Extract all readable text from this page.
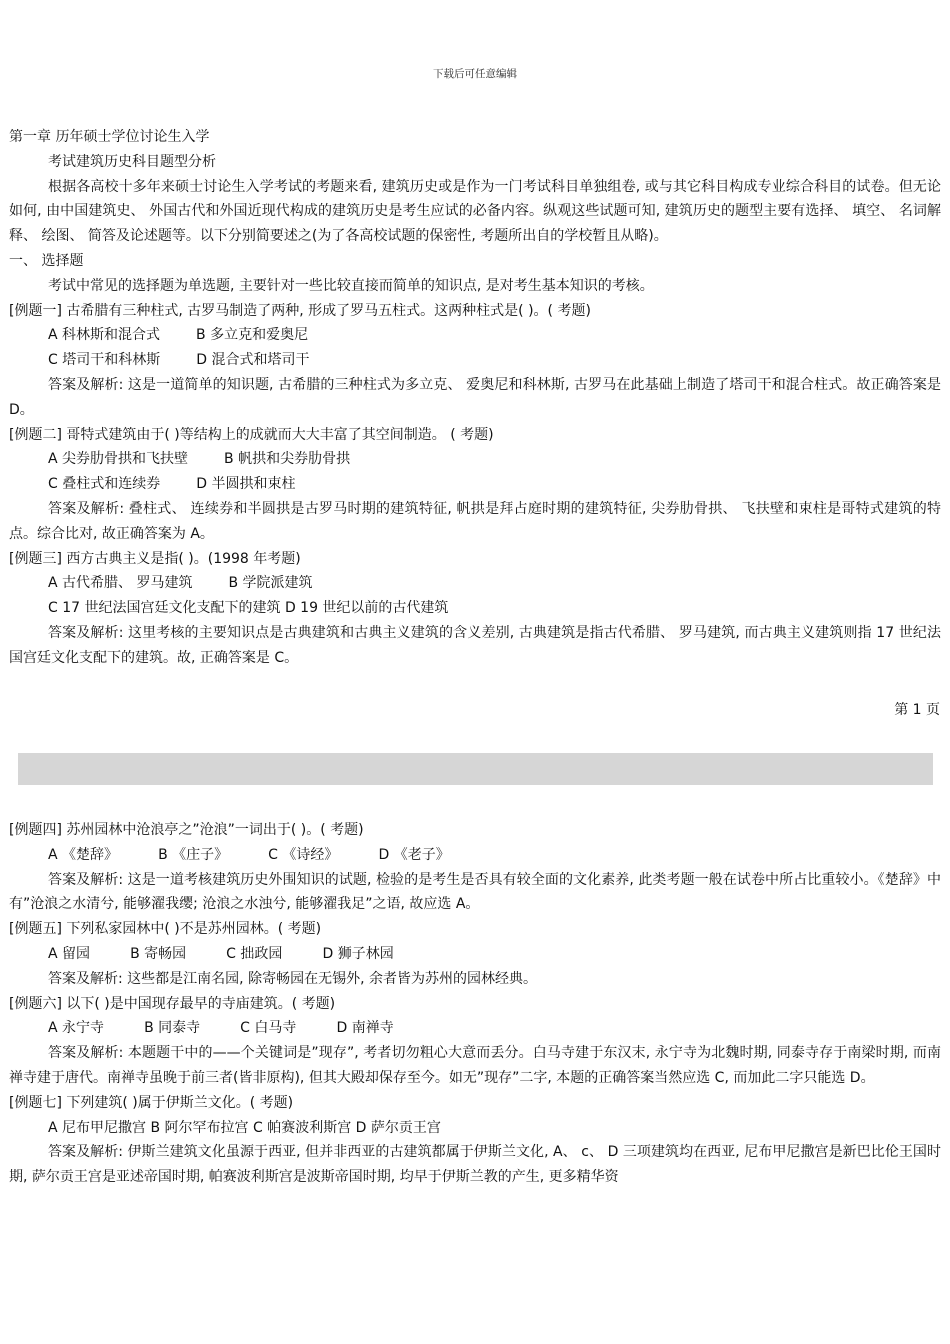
下载后可任意编辑
第一章 历年硕士学位讨论生入学
考试建筑历史科目题型分析
根据各高校十多年来硕士讨论生入学考试的考题来看, 建筑历史或是作为一门考试科目单独组卷, 或与其它科目构成专业综合科目的试卷。但无论如何, 由中国建筑史、 外国古代和外国近现代构成的建筑历史是考生应试的必备内容。纵观这些试题可知, 建筑历史的题型主要有选择、 填空、 名词解释、 绘图、 简答及论述题等。以下分别简要述之(为了各高校试题的保密性, 考题所出自的学校暂且从略)。
一、 选择题
考试中常见的选择题为单选题, 主要针对一些比较直接而简单的知识点, 是对考生基本知识的考核。
[例题一] 古希腊有三种柱式, 古罗马制造了两种, 形成了罗马五柱式。这两种柱式是( )。( 考题)
A 科林斯和混合式	B 多立克和爱奥尼
C 塔司干和科林斯	D 混合式和塔司干
答案及解析: 这是一道简单的知识题, 古希腊的三种柱式为多立克、 爱奥尼和科林斯, 古罗马在此基础上制造了塔司干和混合柱式。故正确答案是 D。
[例题二] 哥特式建筑由于( )等结构上的成就而大大丰富了其空间制造。 ( 考题)
A 尖券肋骨拱和飞扶壁	B 帆拱和尖券肋骨拱
C 叠柱式和连续券	D 半圆拱和束柱
答案及解析: 叠柱式、 连续券和半圆拱是古罗马时期的建筑特征, 帆拱是拜占庭时期的建筑特征, 尖券肋骨拱、 飞扶壁和束柱是哥特式建筑的特点。综合比对, 故正确答案为 A。
[例题三] 西方古典主义是指( )。(1998 年考题)
A 古代希腊、 罗马建筑	B 学院派建筑
C 17 世纪法国宫廷文化支配下的建筑 D 19 世纪以前的古代建筑
答案及解析: 这里考核的主要知识点是古典建筑和古典主义建筑的含义差别, 古典建筑是指古代希腊、 罗马建筑, 而古典主义建筑则指 17 世纪法国宫廷文化支配下的建筑。故, 正确答案是 C。
第 1 页
[例题四] 苏州园林中沧浪亭之”沧浪”一词出于( )。( 考题)
A 《楚辞》         B 《庄子》         C 《诗经》         D 《老子》
答案及解析: 这是一道考核建筑历史外围知识的试题, 检验的是考生是否具有较全面的文化素养, 此类考题一般在试卷中所占比重较小。《楚辞》中有”沧浪之水清兮, 能够濯我缨; 沧浪之水浊兮, 能够濯我足”之语, 故应选 A。
[例题五] 下列私家园林中( )不是苏州园林。( 考题)
A 留园         B 寄畅园         C 拙政园         D 狮子林园
答案及解析: 这些都是江南名园, 除寄畅园在无锡外, 余者皆为苏州的园林经典。
[例题六] 以下( )是中国现存最早的寺庙建筑。( 考题)
A 永宁寺         B 同泰寺         C 白马寺         D 南禅寺
答案及解析: 本题题干中的——个关键词是”现存”, 考者切勿粗心大意而丢分。白马寺建于东汉末, 永宁寺为北魏时期, 同泰寺存于南梁时期, 而南禅寺建于唐代。南禅寺虽晚于前三者(皆非原构), 但其大殿却保存至今。如无”现存”二字, 本题的正确答案当然应选 C, 而加此二字只能选 D。
[例题七] 下列建筑( )属于伊斯兰文化。( 考题)
A 尼布甲尼撒宫 B 阿尔罕布拉宫 C 帕赛波利斯宫 D 萨尔贡王宫
答案及解析: 伊斯兰建筑文化虽源于西亚, 但并非西亚的古建筑都属于伊斯兰文化, A、 c、 D 三项建筑均在西亚, 尼布甲尼撒宫是新巴比伦王国时期, 萨尔贡王宫是亚述帝国时期, 帕赛波利斯宫是波斯帝国时期, 均早于伊斯兰教的产生, 更多精华资
